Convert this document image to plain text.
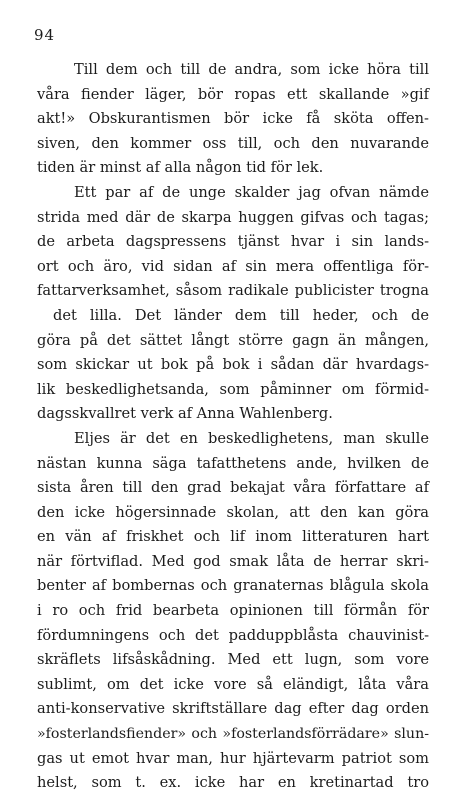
94
Till dem och till de andra, som icke höra till
våra fiender läger, bör ropas ett skallande »gif
akt!» Obskurantismen bör icke få sköta offen-
siven, den kommer oss till, och den nuvarande
tiden är minst af alla någon tid för lek.
Ett par af de unge skalder jag ofvan nämde
strida med där de skarpa huggen gifvas och tagas;
de arbeta dagspressens tjänst hvar i sin lands-
ort och äro, vid sidan af sin mera offentliga för-
fattarverksamhet, såsom radikale publicister trogna
det lilla. Det länder dem till heder, och de
göra på det sättet långt större gagn än mången,
som skickar ut bok på bok i sådan där hvardags-
lik beskedlighetsanda, som påminner om förmid-
dagsskvallret verk af Anna Wahlenberg.
Eljes är det en beskedlighetens, man skulle
nästan kunna säga tafatthetens ande, hvilken de
sista åren till den grad bekajat våra författare af
den icke högersinnade skolan, att den kan göra
en vän af friskhet och lif inom litteraturen hart
när förtviflad. Med god smak låta de herrar skri-
benter af bombernas och granaternas blågula skola
i ro och frid bearbeta opinionen till förmån för
fördumningens och det padduppblåsta chauvinist-
skräflets lifsåskådning. Med ett lugn, som vore
sublimt, om det icke vore så eländigt, låta våra
anti-konservative skriftställare dag efter dag orden
»fosterlandsfiender» och »fosterlandsförrädare» slun-
gas ut emot hvar man, hur hjärtevarm patriot som
helst, som t. ex. icke har en kretinartad tro
